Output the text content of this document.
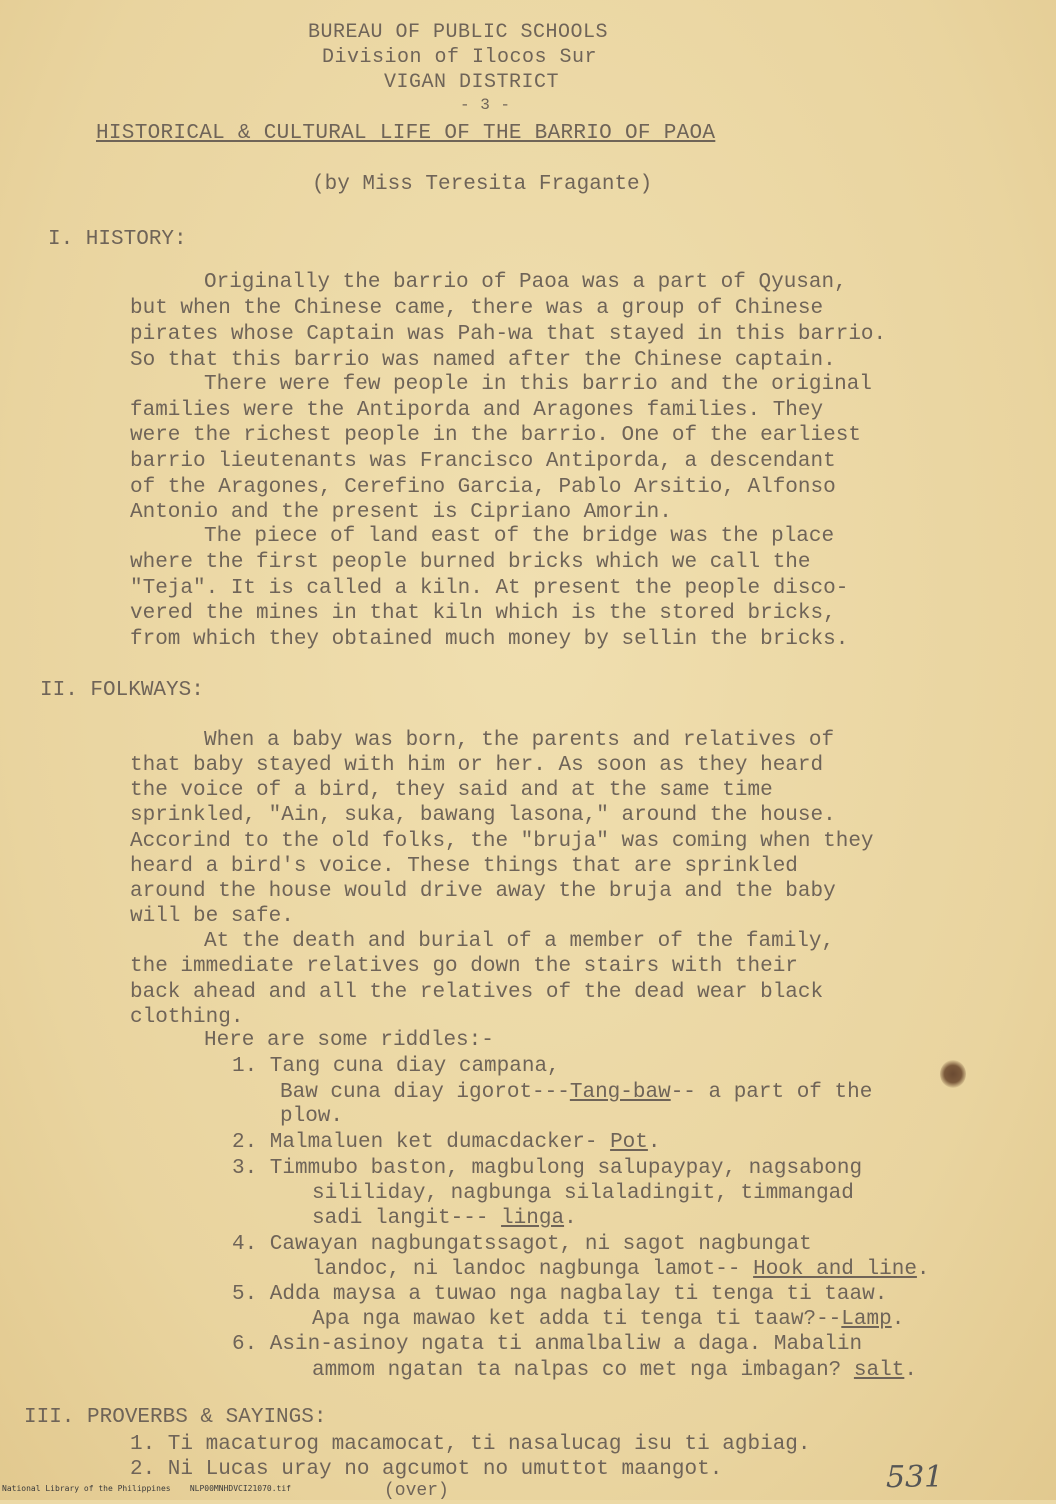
BUREAU OF PUBLIC SCHOOLS
Division of Ilocos Sur
VIGAN DISTRICT
- 3 -
HISTORICAL & CULTURAL LIFE OF THE BARRIO OF PAOA
(by Miss Teresita Fragante)
I. HISTORY:
Originally the barrio of Paoa was a part of Qyusan,
but when the Chinese came, there was a group of Chinese
pirates whose Captain was Pah-wa that stayed in this barrio.
So that this barrio was named after the Chinese captain.
There were few people in this barrio and the original
families were the Antiporda and Aragones families. They
were the richest people in the barrio. One of the earliest
barrio lieutenants was Francisco Antiporda, a descendant
of the Aragones, Cerefino Garcia, Pablo Arsitio, Alfonso
Antonio and the present is Cipriano Amorin.
The piece of land east of the bridge was the place
where the first people burned bricks which we call the
"Teja". It is called a kiln. At present the people disco-
vered the mines in that kiln which is the stored bricks,
from which they obtained much money by sellin the bricks.
II. FOLKWAYS:
When a baby was born, the parents and relatives of
that baby stayed with him or her. As soon as they heard
the voice of a bird, they said and at the same time
sprinkled, "Ain, suka, bawang lasona," around the house.
Accorind to the old folks, the "bruja" was coming when they
heard a bird's voice. These things that are sprinkled
around the house would drive away the bruja and the baby
will be safe.
At the death and burial of a member of the family,
the immediate relatives go down the stairs with their
back ahead and all the relatives of the dead wear black
clothing.
Here are some riddles:-
1. Tang cuna diay campana,
Baw cuna diay igorot---Tang-baw-- a part of the
plow.
2. Malmaluen ket dumacdacker- Pot.
3. Timmubo baston, magbulong salupaypay, nagsabong
sililiday, nagbunga silaladingit, timmangad
sadi langit--- linga.
4. Cawayan nagbungatssagot, ni sagot nagbungat
landoc, ni landoc nagbunga lamot-- Hook and line.
5. Adda maysa a tuwao nga nagbalay ti tenga ti taaw.
Apa nga mawao ket adda ti tenga ti taaw?--Lamp.
6. Asin-asinoy ngata ti anmalbaliw a daga. Mabalin
ammom ngatan ta nalpas co met nga imbagan? salt.
III. PROVERBS & SAYINGS:
1. Ti macaturog macamocat, ti nasalucag isu ti agbiag.
2. Ni Lucas uray no agcumot no umuttot maangot.
(over)	531
National Library of the Philippines    NLP00MNHDVCI21070.tif
